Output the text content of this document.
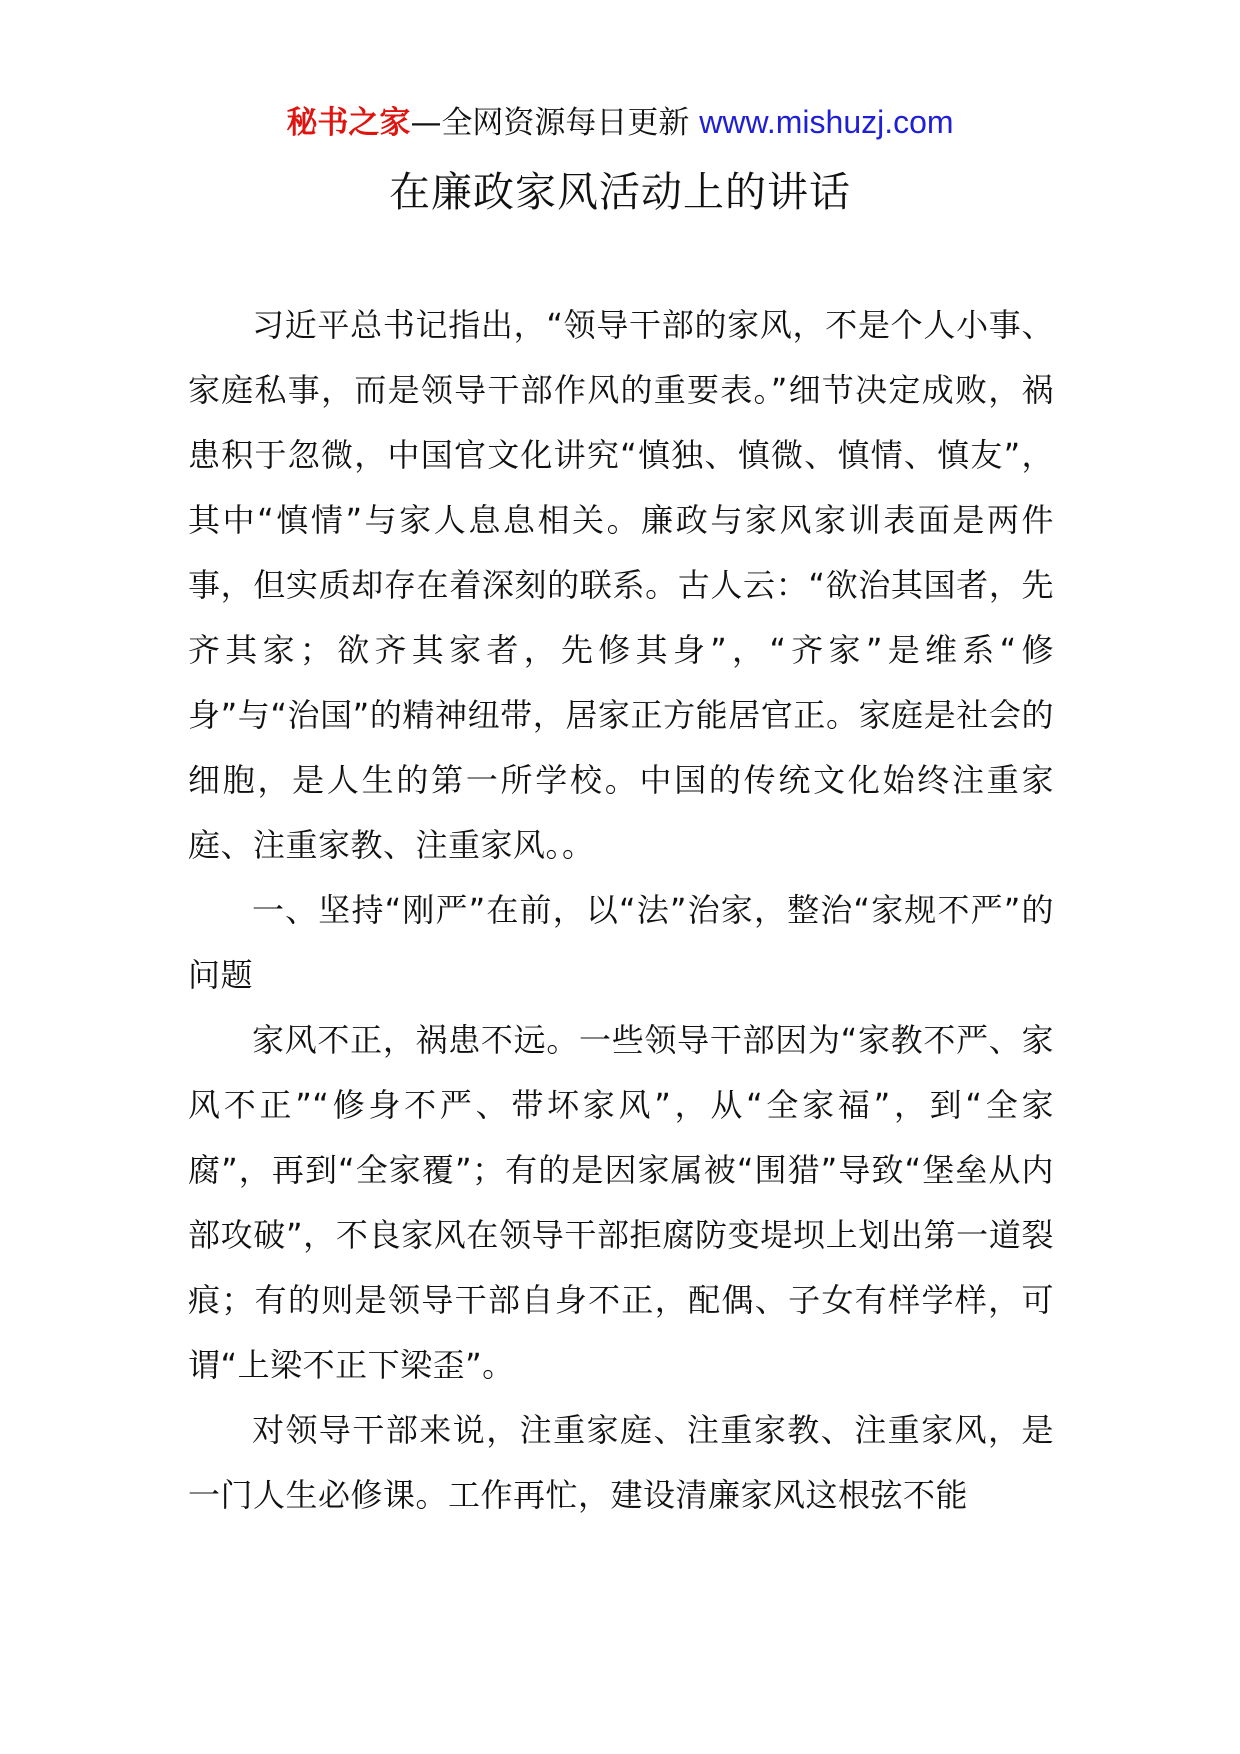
秘书之家—全网资源每日更新 www.mishuzj.com
在廉政家风活动上的讲话

习近平总书记指出，“领导干部的家风，不是个人小事、家庭私事，而是领导干部作风的重要表。”细节决定成败，祸患积于忽微，中国官文化讲究“慎独、慎微、慎情、慎友”，其中“慎情”与家人息息相关。廉政与家风家训表面是两件事，但实质却存在着深刻的联系。古人云：“欲治其国者，先齐其家；欲齐其家者，先修其身”，“齐家”是维系“修身”与“治国”的精神纽带，居家正方能居官正。家庭是社会的细胞，是人生的第一所学校。中国的传统文化始终注重家庭、注重家教、注重家风。。

一、坚持“刚严”在前，以“法”治家，整治“家规不严”的问题

家风不正，祸患不远。一些领导干部因为“家教不严、家风不正”“修身不严、带坏家风”，从“全家福”，到“全家腐”，再到“全家覆”；有的是因家属被“围猎”导致“堡垒从内部攻破”，不良家风在领导干部拒腐防变堤坝上划出第一道裂痕；有的则是领导干部自身不正，配偶、子女有样学样，可谓“上梁不正下梁歪”。

对领导干部来说，注重家庭、注重家教、注重家风，是一门人生必修课。工作再忙，建设清廉家风这根弦不能
